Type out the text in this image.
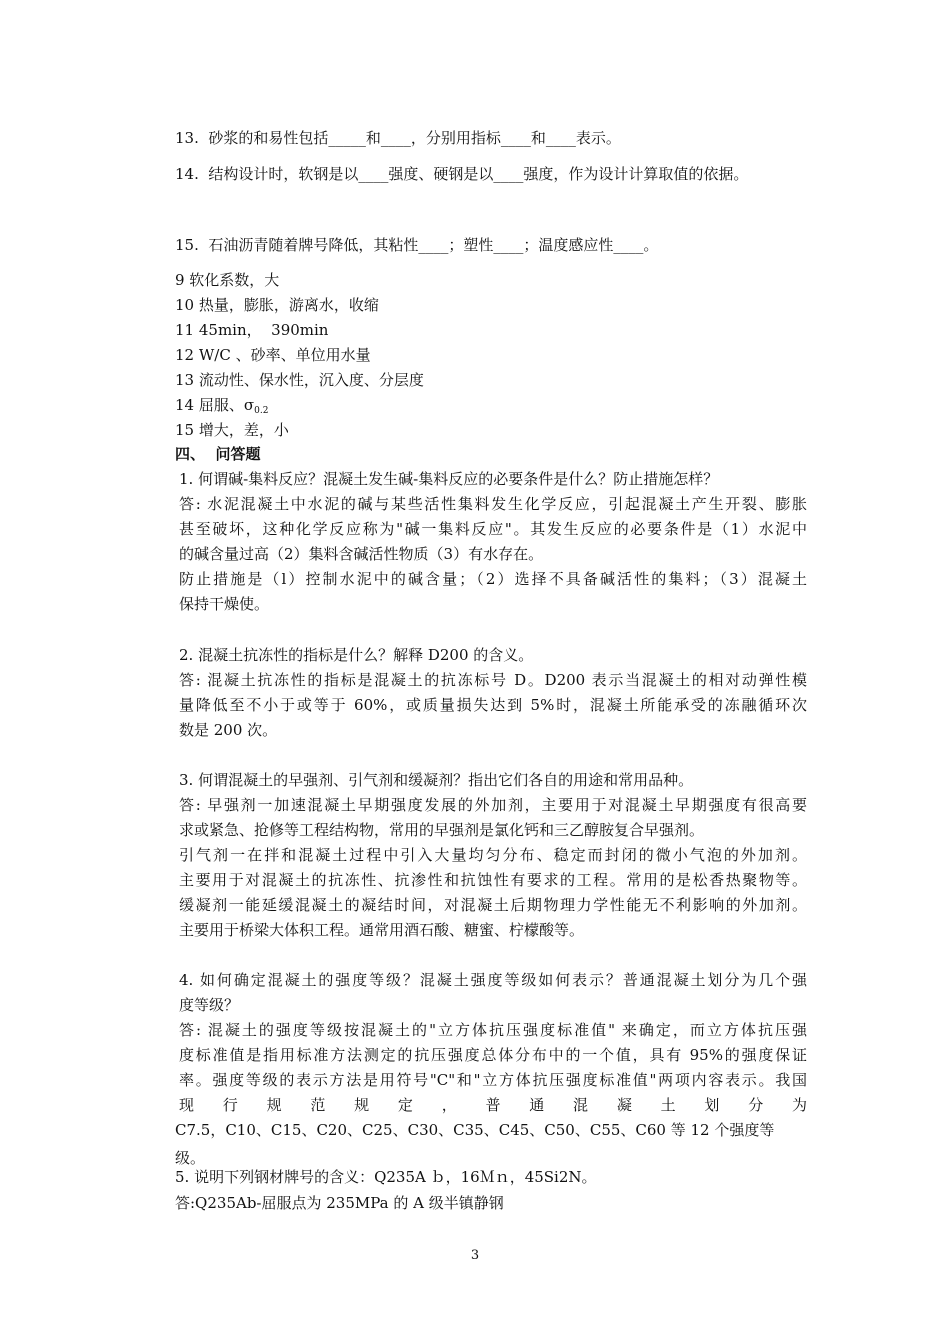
13.  砂浆的和易性包括_____和____，分别用指标____和____表示。
14.  结构设计时，软钢是以____强度、硬钢是以____强度，作为设计计算取值的依据。
15.  石油沥青随着牌号降低，其粘性____；塑性____；温度感应性____。
9 软化系数，大
10 热量，膨胀，游离水，收缩
11 45min，  390min
12 W/C 、砂率、单位用水量
13 流动性、保水性，沉入度、分层度
14 屈服、$\sigma_{0.2}$
15 增大，差，小
四、  问答题
1. 何谓碱-集料反应？混凝土发生碱-集料反应的必要条件是什么？防止措施怎样？
答: 水泥混凝土中水泥的碱与某些活性集料发生化学反应，引起混凝土产生开裂、膨胀
甚至破坏，这种化学反应称为"碱一集料反应"。其发生反应的必要条件是（1）水泥中
的碱含量过高（2）集料含碱活性物质（3）有水存在。
防止措施是（l）控制水泥中的碱含量；（2）选择不具备碱活性的集料；（3）混凝土
保持干燥使。
2. 混凝土抗冻性的指标是什么？解释 D200 的含义。
答: 混凝土抗冻性的指标是混凝土的抗冻标号 D。D200 表示当混凝土的相对动弹性模
量降低至不小于或等于 60%，或质量损失达到 5%时，混凝土所能承受的冻融循环次
数是 200 次。
3. 何谓混凝土的早强剂、引气剂和缓凝剂？指出它们各自的用途和常用品种。
答: 早强剂一加速混凝土早期强度发展的外加剂，主要用于对混凝土早期强度有很高要
求或紧急、抢修等工程结构物，常用的早强剂是氯化钙和三乙醇胺复合早强剂。
引气剂一在拌和混凝土过程中引入大量均匀分布、稳定而封闭的微小气泡的外加剂。
主要用于对混凝土的抗冻性、抗渗性和抗蚀性有要求的工程。常用的是松香热聚物等。
缓凝剂一能延缓混凝土的凝结时间，对混凝土后期物理力学性能无不利影响的外加剂。
主要用于桥梁大体积工程。通常用酒石酸、糖蜜、柠檬酸等。
4. 如何确定混凝土的强度等级？混凝土强度等级如何表示？普通混凝土划分为几个强
度等级？
答: 混凝土的强度等级按混凝土的"立方体抗压强度标准值" 来确定，而立方体抗压强
度标准值是指用标准方法测定的抗压强度总体分布中的一个值，具有 95%的强度保证
率。强度等级的表示方法是用符号"C"和"立方体抗压强度标准值"两项内容表示。我国
现行规范规定，普通混凝土划分为
C7.5，C10、C15、C20、C25、C30、C35、C45、C50、C55、C60 等 12 个强度等级。
5. 说明下列钢材牌号的含义：Q235A ｂ，16Ｍｎ，45Si2N。
答:Q235Ab-屈服点为 235MPa 的 A 级半镇静钢
3
